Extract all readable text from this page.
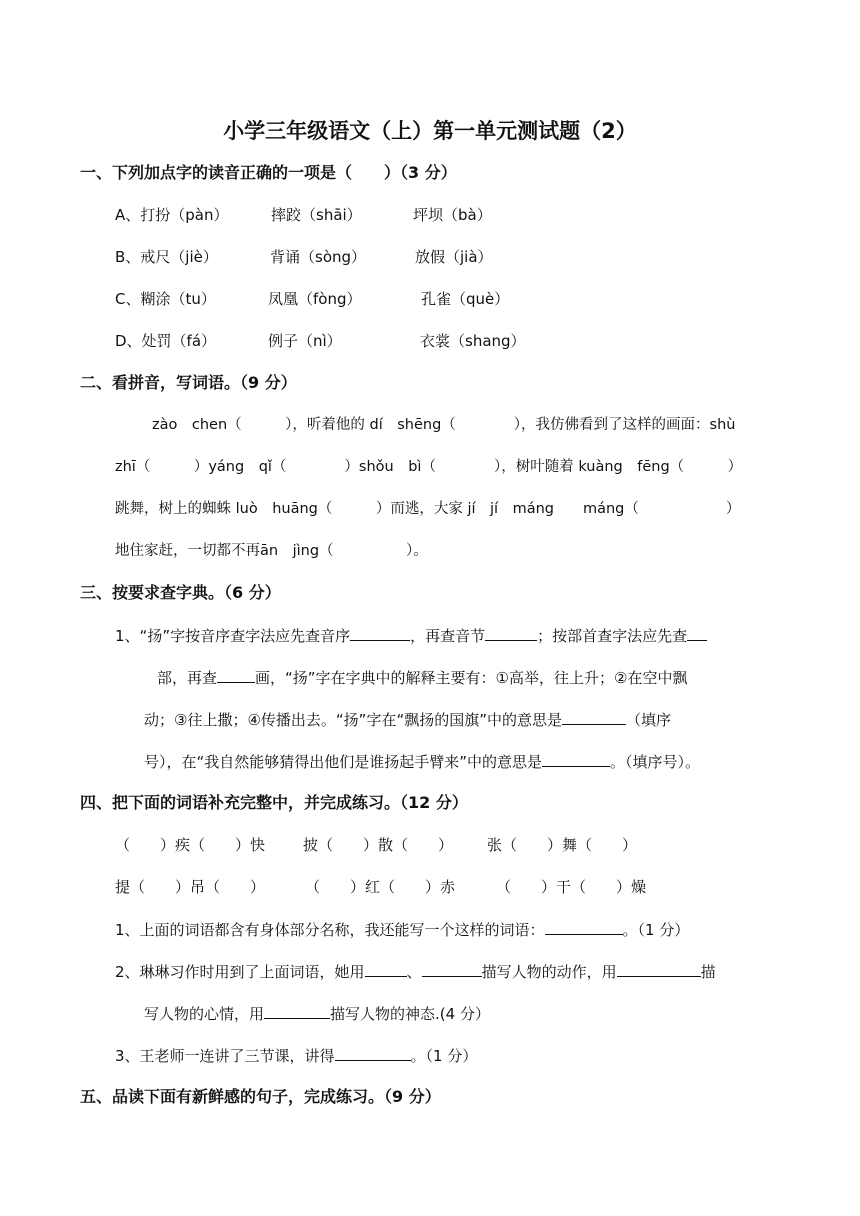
小学三年级语文（上）第一单元测试题（2）
一、下列加点字的读音正确的一项是（　　）（3 分）
A、打扮（pàn）	摔跤（shāi）	坪坝（bà）
B、戒尺（jiè）	背诵（sòng）	放假（jià）
C、糊涂（tu）	凤凰（fòng）	孔雀（què）
D、处罚（fá）	例子（nì）	衣裳（shang）
二、看拼音，写词语。（9 分）
zào　chen（　　　），听着他的 dí　shēng（　　　　），我仿佛看到了这样的画面：shù
zhī（　　　）yáng　qǐ（　　　　）shǒu　bì（　　　　），树叶随着 kuàng　fēng（　　　）
跳舞，树上的蜘蛛 luò　huāng（　　　）而逃，大家 jí　jí　máng　　máng（　　　　　　）
地住家赶，一切都不再ān　jìng（　　　　　）。
三、按要求查字典。（6 分）
1、“扬”字按音序查字法应先查音序	，再查音节	；按部首查字法应先查
部，再查	画，“扬”字在字典中的解释主要有：①高举，往上升；②在空中飘
动；③往上撒；④传播出去。“扬”字在“飘扬的国旗”中的意思是	（填序
号），在“我自然能够猜得出他们是谁扬起手臂来”中的意思是	。（填序号）。
四、把下面的词语补充完整中，并完成练习。（12 分）
（　　）疾（　　）快	披（　　）散（　　） 张（　　）舞（　　）
提（　　）吊（　　）	（　　）红（　　）赤	（　　）干（　　）燥
1、上面的词语都含有身体部分名称，我还能写一个这样的词语：	。（1 分）
2、琳琳习作时用到了上面词语，她用	、	描写人物的动作，用	描
写人物的心情，用	描写人物的神态.(4 分）
3、王老师一连讲了三节课，讲得	。（1 分）
五、品读下面有新鲜感的句子，完成练习。（9 分）
